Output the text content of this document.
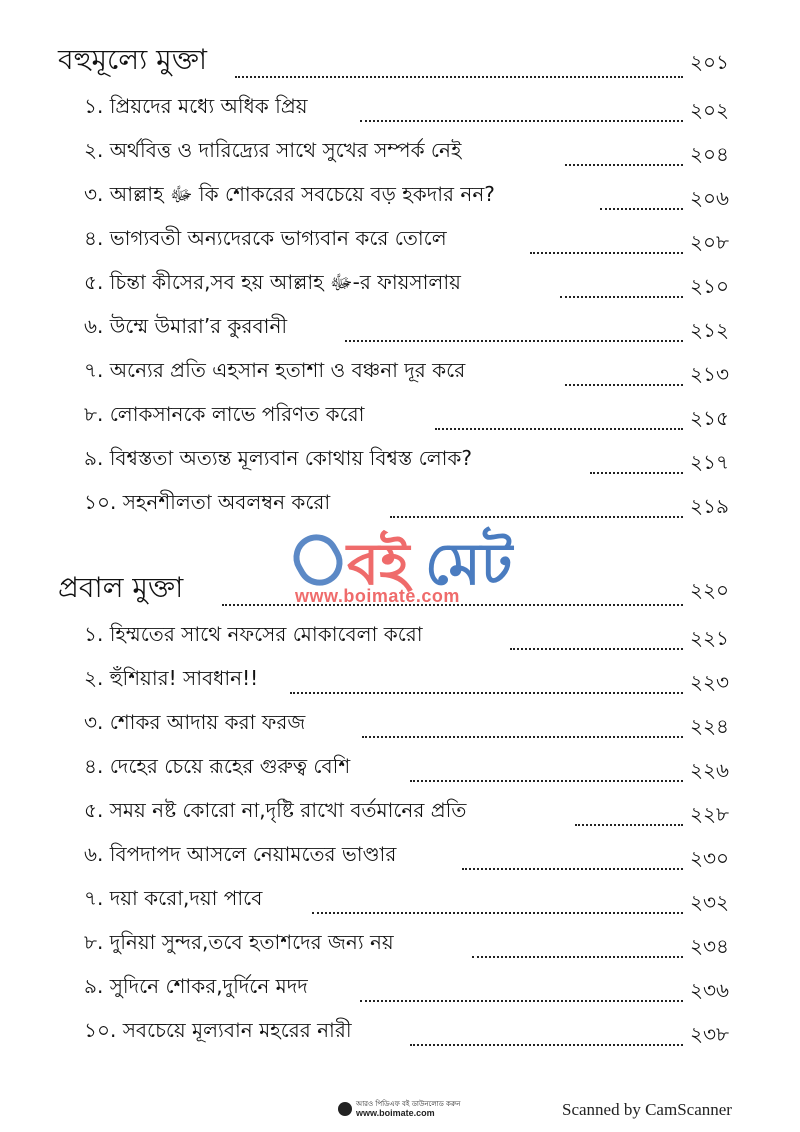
বহুমূল্যে মুক্তা	২০১
১. প্রিয়দের মধ্যে অধিক প্রিয়	২০২
২. অর্থবিত্ত ও দারিদ্র্যের সাথে সুখের সম্পর্ক নেই	২০৪
৩. আল্লাহ ﷻ কি শোকরের সবচেয়ে বড় হকদার নন?	২০৬
৪. ভাগ্যবতী অন্যদেরকে ভাগ্যবান করে তোলে	২০৮
৫. চিন্তা কীসের,সব হয় আল্লাহ ﷻ-র ফায়সালায়	২১০
৬. উম্মে উমারা’র কুরবানী	২১২
৭. অন্যের প্রতি এহসান হতাশা ও বঞ্চনা দূর করে	২১৩
৮. লোকসানকে লাভে পরিণত করো	২১৫
৯. বিশ্বস্ততা অত্যন্ত মূল্যবান কোথায় বিশ্বস্ত লোক?	২১৭
১০. সহনশীলতা অবলম্বন করো	২১৯
বই মেট
www.boimate.com
প্রবাল মুক্তা	২২০
১. হিম্মতের সাথে নফসের মোকাবেলা করো	২২১
২. হুঁশিয়ার! সাবধান!!	২২৩
৩. শোকর আদায় করা ফরজ	২২৪
৪. দেহের চেয়ে রূহের গুরুত্ব বেশি	২২৬
৫. সময় নষ্ট কোরো না,দৃষ্টি রাখো বর্তমানের প্রতি	২২৮
৬. বিপদাপদ আসলে নেয়ামতের ভাণ্ডার	২৩০
৭. দয়া করো,দয়া পাবে	২৩২
৮. দুনিয়া সুন্দর,তবে হতাশদের জন্য নয়	২৩৪
৯. সুদিনে শোকর,দুর্দিনে মদদ	২৩৬
১০. সবচেয়ে মূল্যবান মহরের নারী	২৩৮
আরও পিডিএফ বই ডাউনলোড করুন
www.boimate.com	Scanned by CamScanner
